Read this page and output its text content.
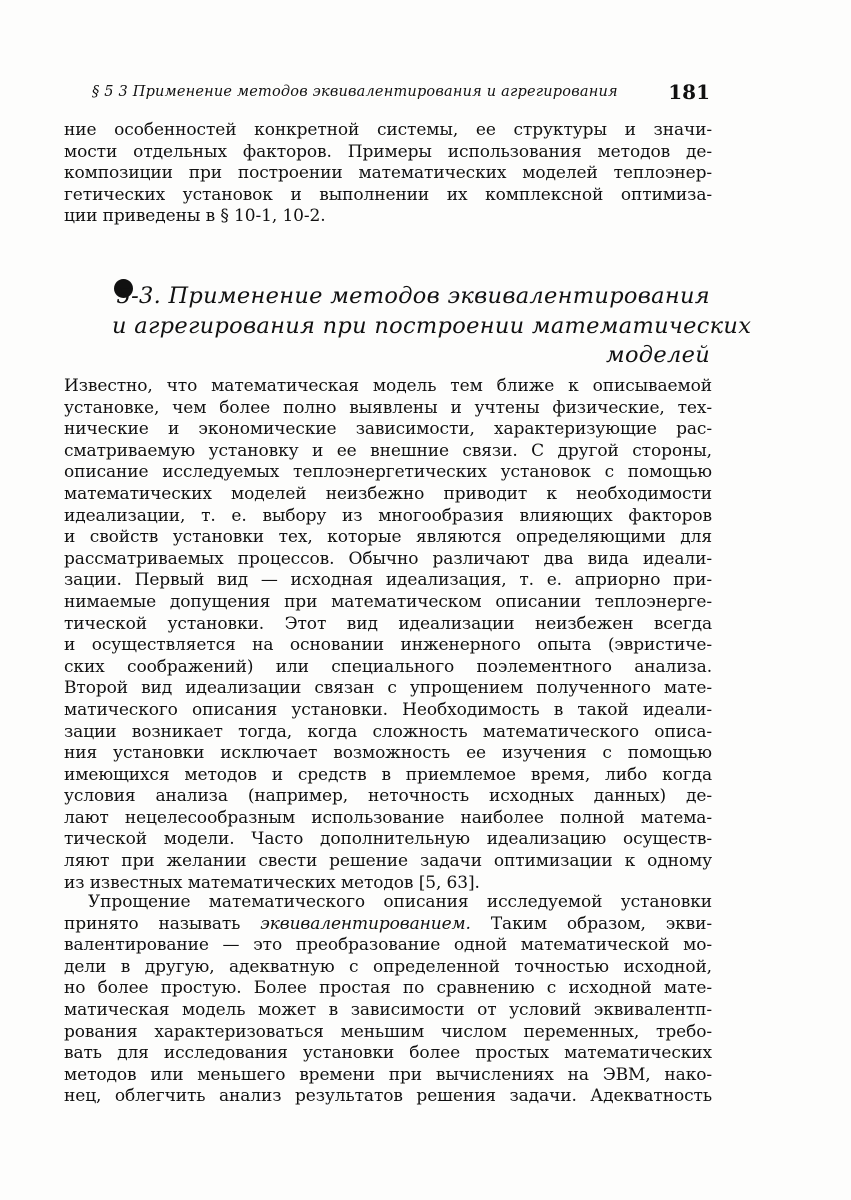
§ 5 3 Применение методов эквивалентирования и агрегирования	181
ние особенностей конкретной системы, ее структуры и значи-
мости отдельных факторов. Примеры использования методов де-
композиции при построении математических моделей теплоэнер-
гетических установок и выполнении их комплексной оптимиза-
ции приведены в § 10-1, 10-2.
5-3. Применение методов эквивалентирования
и агрегирования при построении математических
моделей
Известно, что математическая модель тем ближе к описываемой
установке, чем более полно выявлены и учтены физические, тех-
нические и экономические зависимости, характеризующие рас-
сматриваемую установку и ее внешние связи. С другой стороны,
описание исследуемых теплоэнергетических установок с помощью
математических моделей неизбежно приводит к необходимости
идеализации, т. е. выбору из многообразия влияющих факторов
и свойств установки тех, которые являются определяющими для
рассматриваемых процессов. Обычно различают два вида идеали-
зации. Первый вид — исходная идеализация, т. е. априорно при-
нимаемые допущения при математическом описании теплоэнерге-
тической установки. Этот вид идеализации неизбежен всегда
и осуществляется на основании инженерного опыта (эвристиче-
ских соображений) или специального поэлементного анализа.
Второй вид идеализации связан с упрощением полученного мате-
матического описания установки. Необходимость в такой идеали-
зации возникает тогда, когда сложность математического описа-
ния установки исключает возможность ее изучения с помощью
имеющихся методов и средств в приемлемое время, либо когда
условия анализа (например, неточность исходных данных) де-
лают нецелесообразным использование наиболее полной матема-
тической модели. Часто дополнительную идеализацию осуществ-
ляют при желании свести решение задачи оптимизации к одному
из известных математических методов [5, 63].
Упрощение математического описания исследуемой установки
принято называть эквивалентированием. Таким образом, экви-
валентирование — это преобразование одной математической мо-
дели в другую, адекватную с определенной точностью исходной,
но более простую. Более простая по сравнению с исходной мате-
матическая модель может в зависимости от условий эквивалентп-
рования характеризоваться меньшим числом переменных, требо-
вать для исследования установки более простых математических
методов или меньшего времени при вычислениях на ЭВМ, нако-
нец, облегчить анализ результатов решения задачи. Адекватность
